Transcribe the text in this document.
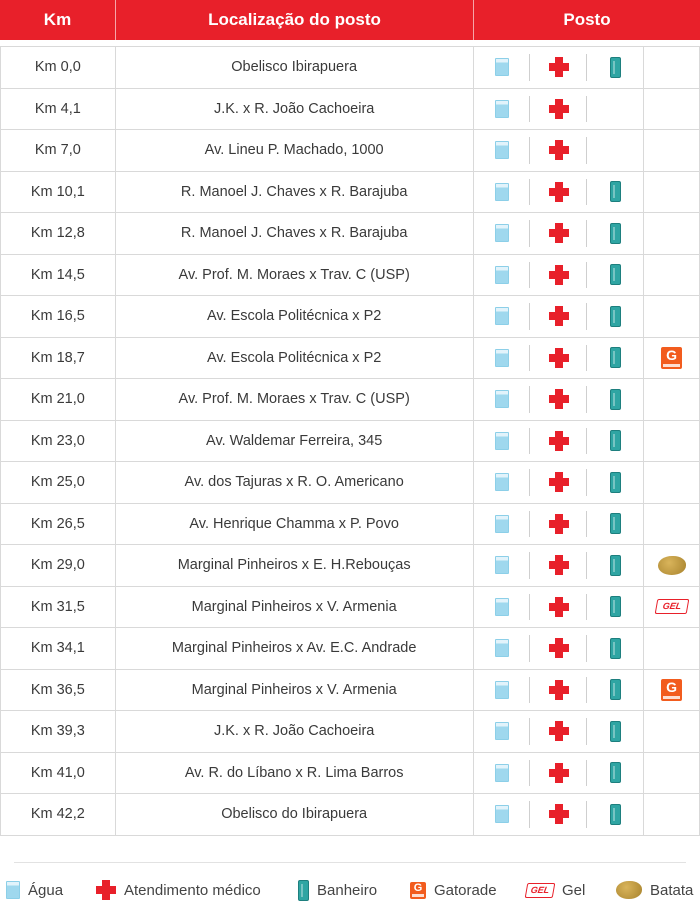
Km	Localização do posto	Posto
Km 0,0	Obelisco Ibirapuera
Km 4,1	J.K. x R. João Cachoeira
Km 7,0	Av. Lineu P. Machado, 1000
Km 10,1	R. Manoel J. Chaves x R. Barajuba
Km 12,8	R. Manoel J. Chaves x R. Barajuba
Km 14,5	Av. Prof. M. Moraes x Trav. C (USP)
Km 16,5	Av. Escola Politécnica x P2
Km 18,7	Av. Escola Politécnica x P2	G
Km 21,0	Av. Prof. M. Moraes x Trav. C (USP)
Km 23,0	Av. Waldemar Ferreira, 345
Km 25,0	Av. dos Tajuras x R. O. Americano
Km 26,5	Av. Henrique Chamma x P. Povo
Km 29,0	Marginal Pinheiros x E. H.Rebouças
Km 31,5	Marginal Pinheiros x V. Armenia	GEL
Km 34,1	Marginal Pinheiros x Av. E.C. Andrade
Km 36,5	Marginal Pinheiros x V. Armenia	G
Km 39,3	J.K. x R. João Cachoeira
Km 41,0	Av. R. do Líbano x R. Lima Barros
Km 42,2	Obelisco do Ibirapuera
Água	Atendimento médico	Banheiro	G Gatorade	GEL Gel	Batata
